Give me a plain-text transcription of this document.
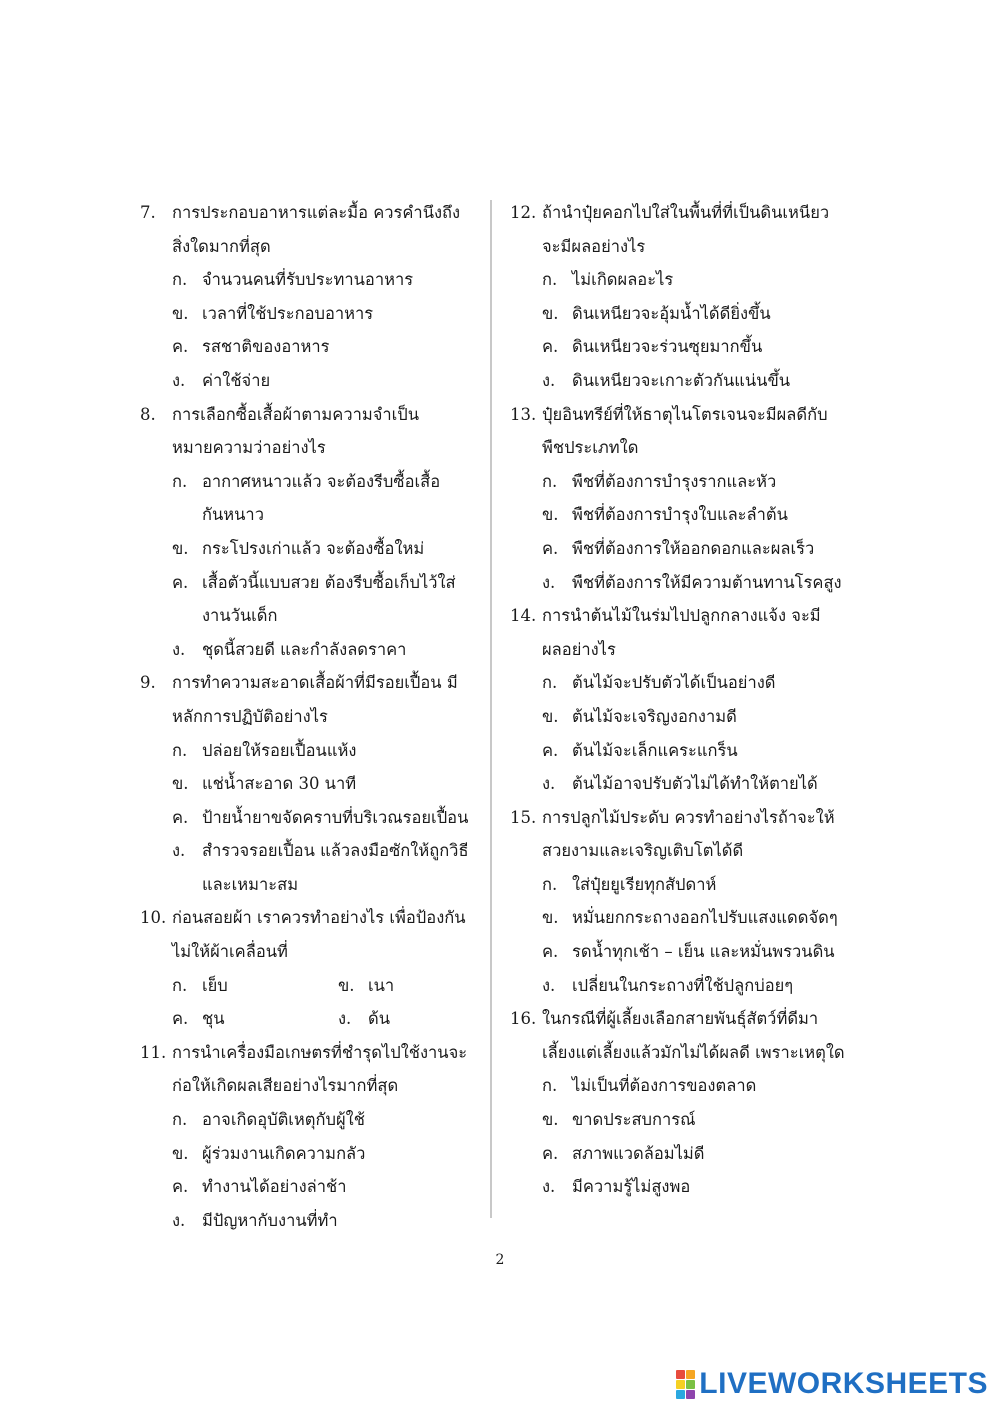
7. การประกอบอาหารแต่ละมื้อ ควรคำนึงถึง
สิ่งใดมากที่สุด
ก. จำนวนคนที่รับประทานอาหาร
ข. เวลาที่ใช้ประกอบอาหาร
ค. รสชาติของอาหาร
ง.	ค่าใช้จ่าย
8. การเลือกซื้อเสื้อผ้าตามความจำเป็น
หมายความว่าอย่างไร
ก. อากาศหนาวแล้ว จะต้องรีบซื้อเสื้อ
กันหนาว
ข. กระโปรงเก่าแล้ว จะต้องซื้อใหม่
ค. เสื้อตัวนี้แบบสวย ต้องรีบซื้อเก็บไว้ใส่
งานวันเด็ก
ง.	ชุดนี้สวยดี และกำลังลดราคา
9. การทำความสะอาดเสื้อผ้าที่มีรอยเปื้อน มี
หลักการปฏิบัติอย่างไร
ก. ปล่อยให้รอยเปื้อนแห้ง
ข. แช่น้ำสะอาด 30 นาที
ค. ป้ายน้ำยาขจัดคราบที่บริเวณรอยเปื้อน
ง.	สำรวจรอยเปื้อน แล้วลงมือซักให้ถูกวิธี
และเหมาะสม
10. ก่อนสอยผ้า เราควรทำอย่างไร เพื่อป้องกัน
ไม่ให้ผ้าเคลื่อนที่
ก. เย็บ	ข. เนา
ค. ชุน	ง.	ด้น
11. การนำเครื่องมือเกษตรที่ชำรุดไปใช้งานจะ
ก่อให้เกิดผลเสียอย่างไรมากที่สุด
ก. อาจเกิดอุบัติเหตุกับผู้ใช้
ข. ผู้ร่วมงานเกิดความกลัว
ค. ทำงานได้อย่างล่าช้า
ง.	มีปัญหากับงานที่ทำ
12. ถ้านำปุ๋ยคอกไปใส่ในพื้นที่ที่เป็นดินเหนียว
จะมีผลอย่างไร
ก. ไม่เกิดผลอะไร
ข. ดินเหนียวจะอุ้มน้ำได้ดียิ่งขึ้น
ค. ดินเหนียวจะร่วนซุยมากขึ้น
ง.	ดินเหนียวจะเกาะตัวกันแน่นขึ้น
13. ปุ๋ยอินทรีย์ที่ให้ธาตุไนโตรเจนจะมีผลดีกับ
พืชประเภทใด
ก. พืชที่ต้องการบำรุงรากและหัว
ข. พืชที่ต้องการบำรุงใบและลำต้น
ค. พืชที่ต้องการให้ออกดอกและผลเร็ว
ง.	พืชที่ต้องการให้มีความต้านทานโรคสูง
14. การนำต้นไม้ในร่มไปปลูกกลางแจ้ง จะมี
ผลอย่างไร
ก. ต้นไม้จะปรับตัวได้เป็นอย่างดี
ข. ต้นไม้จะเจริญงอกงามดี
ค. ต้นไม้จะเล็กแคระแกร็น
ง.	ต้นไม้อาจปรับตัวไม่ได้ทำให้ตายได้
15. การปลูกไม้ประดับ ควรทำอย่างไรถ้าจะให้
สวยงามและเจริญเติบโตได้ดี
ก. ใส่ปุ๋ยยูเรียทุกสัปดาห์
ข. หมั่นยกกระถางออกไปรับแสงแดดจัดๆ
ค. รดน้ำทุกเช้า – เย็น และหมั่นพรวนดิน
ง.	เปลี่ยนในกระถางที่ใช้ปลูกบ่อยๆ
16. ในกรณีที่ผู้เลี้ยงเลือกสายพันธุ์สัตว์ที่ดีมา
เลี้ยงแต่เลี้ยงแล้วมักไม่ได้ผลดี เพราะเหตุใด
ก. ไม่เป็นที่ต้องการของตลาด
ข. ขาดประสบการณ์
ค. สภาพแวดล้อมไม่ดี
ง.	มีความรู้ไม่สูงพอ
2
LIVEWORKSHEETS
